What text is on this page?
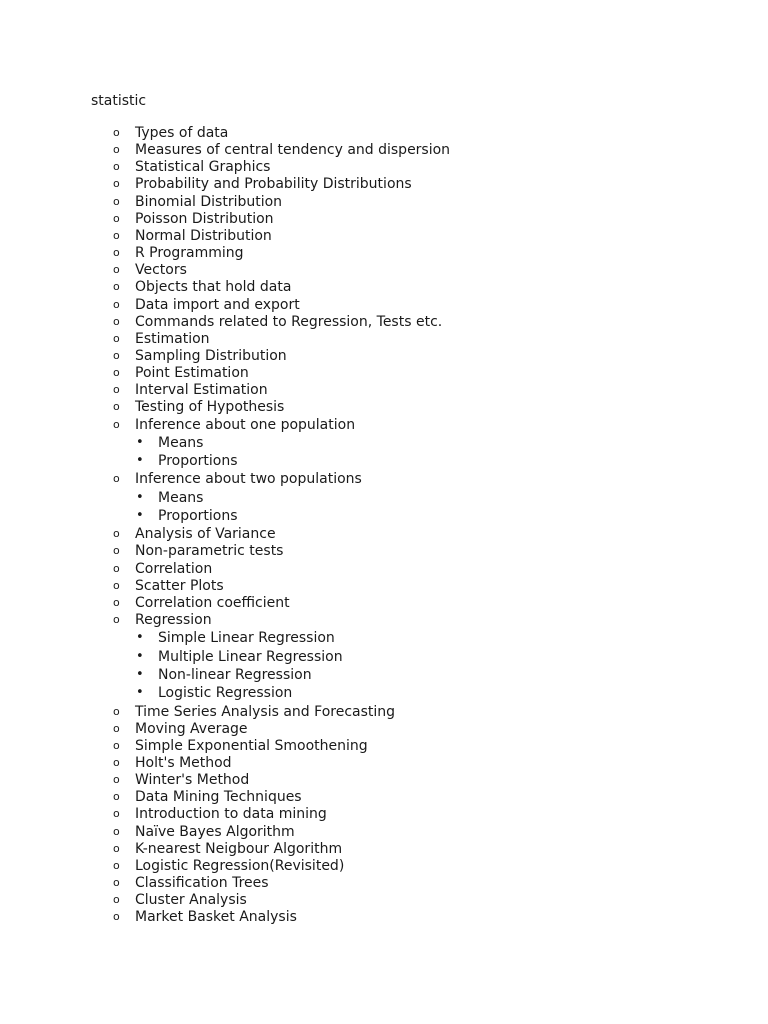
statistic
o Types of data
o Measures of central tendency and dispersion
o Statistical Graphics
o Probability and Probability Distributions
o Binomial Distribution
o Poisson Distribution
o Normal Distribution
o R Programming
o Vectors
o Objects that hold data
o Data import and export
o Commands related to Regression, Tests etc.
o Estimation
o Sampling Distribution
o Point Estimation
o Interval Estimation
o Testing of Hypothesis
o Inference about one population
• Means
• Proportions
o Inference about two populations
• Means
• Proportions
o Analysis of Variance
o Non-parametric tests
o Correlation
o Scatter Plots
o Correlation coefficient
o Regression
• Simple Linear Regression
• Multiple Linear Regression
• Non-linear Regression
• Logistic Regression
o Time Series Analysis and Forecasting
o Moving Average
o Simple Exponential Smoothening
o Holt's Method
o Winter's Method
o Data Mining Techniques
o Introduction to data mining
o Naïve Bayes Algorithm
o K-nearest Neigbour Algorithm
o Logistic Regression(Revisited)
o Classification Trees
o Cluster Analysis
o Market Basket Analysis
